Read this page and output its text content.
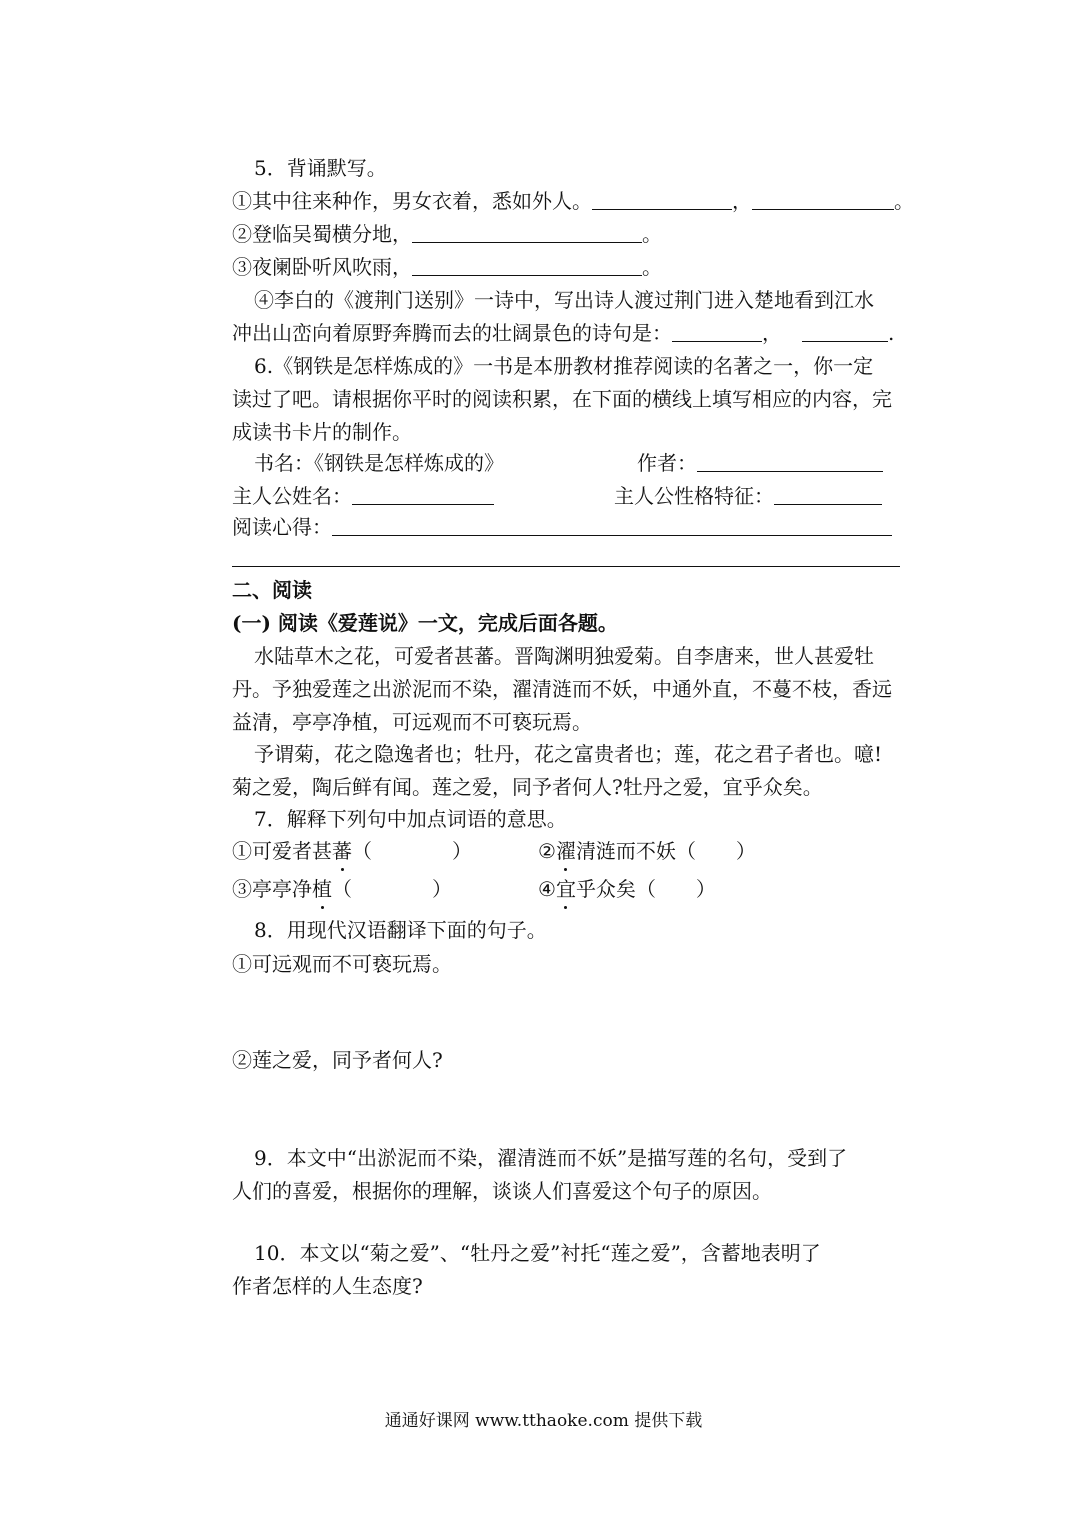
5．背诵默写。
①其中往来种作，男女衣着，悉如外人。	，	。
②登临吴蜀横分地，	。
③夜阑卧听风吹雨，	。
④李白的《渡荆门送别》一诗中，写出诗人渡过荆门进入楚地看到江水
冲出山峦向着原野奔腾而去的壮阔景色的诗句是：	，	.
6.《钢铁是怎样炼成的》一书是本册教材推荐阅读的名著之一，你一定
读过了吧。请根据你平时的阅读积累，在下面的横线上填写相应的内容，完
成读书卡片的制作。
书名：《钢铁是怎样炼成的》	作者：
主人公姓名：	主人公性格特征：
阅读心得：
二、阅读
(一) 阅读《爱莲说》一文，完成后面各题。
水陆草木之花，可爱者甚蕃。晋陶渊明独爱菊。自李唐来，世人甚爱牡
丹。予独爱莲之出淤泥而不染，濯清涟而不妖，中通外直，不蔓不枝，香远
益清，亭亭净植，可远观而不可亵玩焉。
予谓菊，花之隐逸者也；牡丹，花之富贵者也；莲，花之君子者也。噫!
菊之爱，陶后鲜有闻。莲之爱，同予者何人?牡丹之爱，宜乎众矣。
7．解释下列句中加点词语的意思。
①可爱者甚蕃（　　　　）	②濯清涟而不妖（　　）
③亭亭净植（　　　　）	④宜乎众矣（　　）
8．用现代汉语翻译下面的句子。
①可远观而不可亵玩焉。
②莲之爱，同予者何人?
9．本文中“出淤泥而不染，濯清涟而不妖”是描写莲的名句，受到了
人们的喜爱，根据你的理解，谈谈人们喜爱这个句子的原因。
10．本文以“菊之爱”、“牡丹之爱”衬托“莲之爱”，含蓄地表明了
作者怎样的人生态度?
通通好课网 www.tthaoke.com 提供下载
